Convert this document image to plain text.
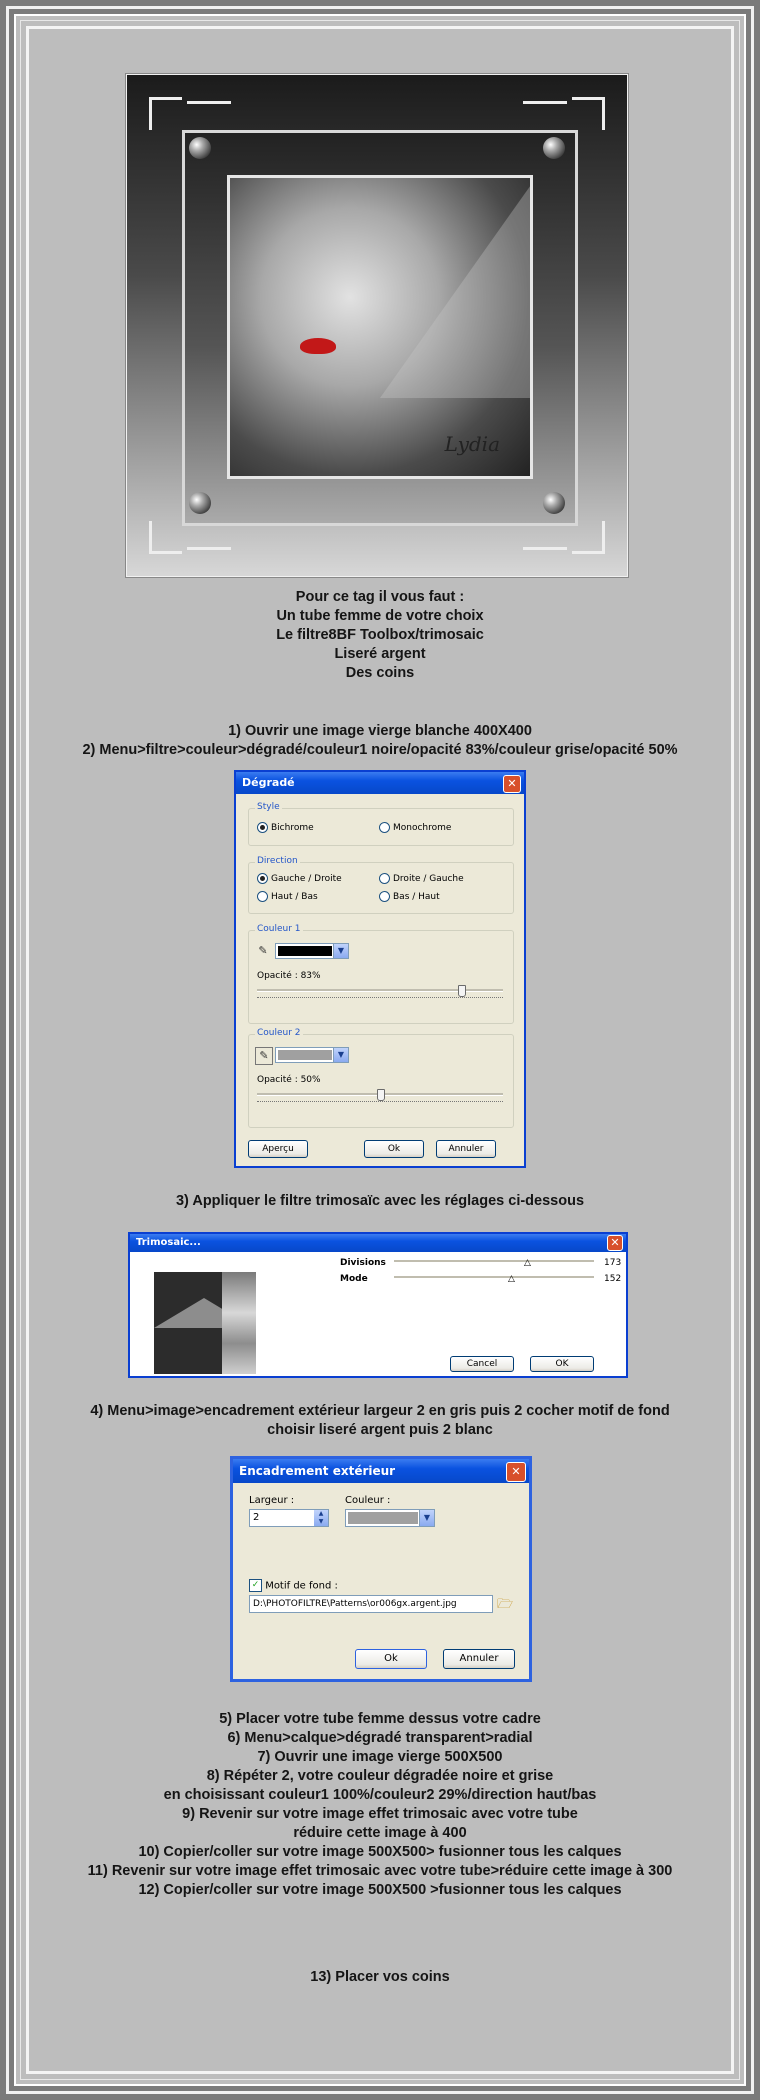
Lydia
Pour ce tag il vous faut :
Un tube femme de votre choix
Le filtre8BF Toolbox/trimosaic
Liseré argent
Des coins
1) Ouvrir une image vierge blanche 400X400
2) Menu>filtre>couleur>dégradé/couleur1 noire/opacité 83%/couleur grise/opacité 50%
Dégradé	✕
Style
Bichrome	Monochrome
Direction
Gauche / Droite	Droite / Gauche
Haut / Bas	Bas / Haut
Couleur 1
✎	▼
Opacité : 83%
Couleur 2
✎	▼
Opacité : 50%
Aperçu	Ok	Annuler
3) Appliquer le filtre trimosaïc avec les réglages ci-dessous
Trimosaic...	✕
Divisions	△	173
Mode	△	152
Cancel	OK
4) Menu>image>encadrement extérieur largeur 2 en gris puis 2 cocher motif de fond
choisir liseré argent puis 2 blanc
Encadrement extérieur	✕
Largeur :
2	▲
▼
Couleur :
▼
✓ Motif de fond :
D:\PHOTOFILTRE\Patterns\or006gx.argent.jpg	🗁
Ok	Annuler
5) Placer votre tube femme dessus votre cadre
6) Menu>calque>dégradé transparent>radial
7) Ouvrir une image vierge 500X500
8) Répéter 2, votre couleur dégradée noire et grise
en choisissant couleur1 100%/couleur2 29%/direction haut/bas
9) Revenir sur votre image effet trimosaic avec votre tube
réduire cette image à 400
10) Copier/coller sur votre image 500X500> fusionner tous les calques
11) Revenir sur votre image effet trimosaic avec votre tube>réduire cette image à 300
12) Copier/coller sur votre image 500X500 >fusionner tous les calques
13) Placer vos coins
